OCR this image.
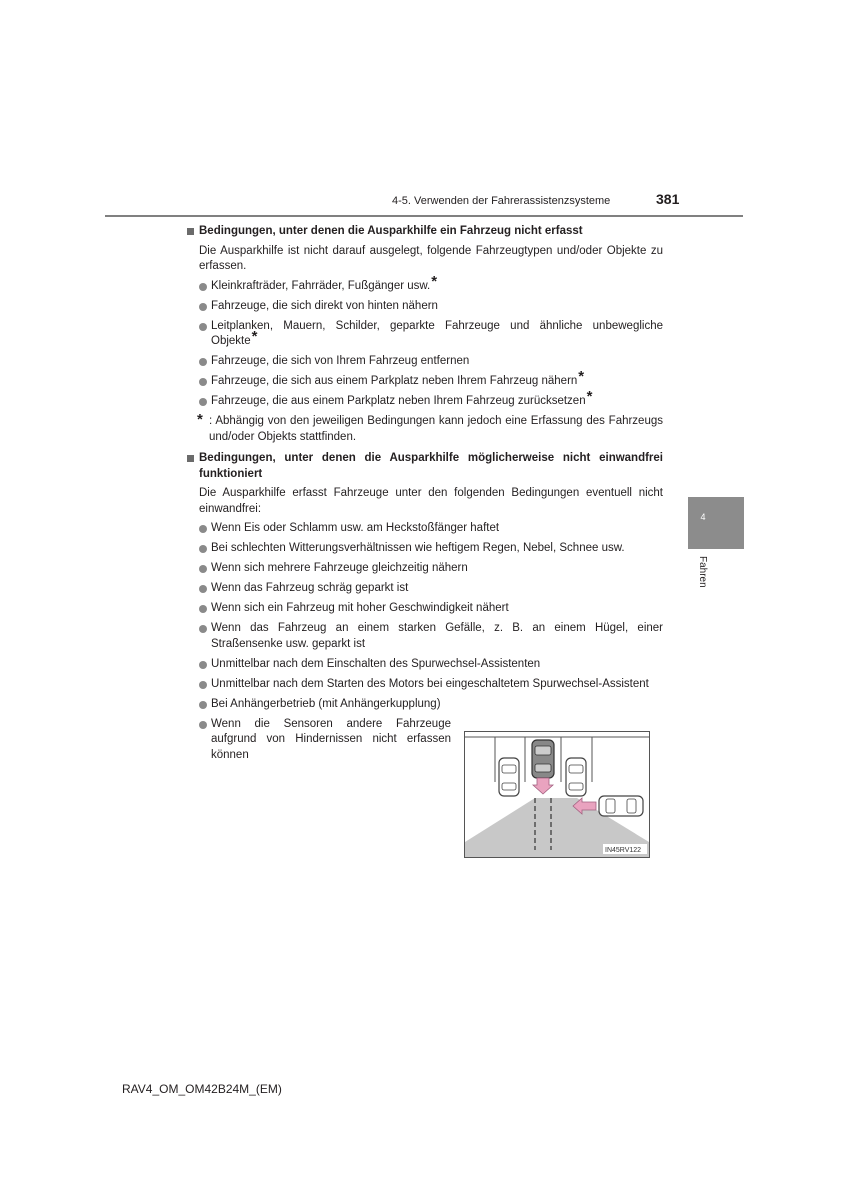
4-5. Verwenden der Fahrerassistenzsysteme	381
4
Fahren
Bedingungen, unter denen die Ausparkhilfe ein Fahrzeug nicht erfasst
Die Ausparkhilfe ist nicht darauf ausgelegt, folgende Fahrzeugtypen und/oder Objekte zu erfassen.
Kleinkrafträder, Fahrräder, Fußgänger usw.*
Fahrzeuge, die sich direkt von hinten nähern
Leitplanken, Mauern, Schilder, geparkte Fahrzeuge und ähnliche unbewegliche Objekte*
Fahrzeuge, die sich von Ihrem Fahrzeug entfernen
Fahrzeuge, die sich aus einem Parkplatz neben Ihrem Fahrzeug nähern*
Fahrzeuge, die aus einem Parkplatz neben Ihrem Fahrzeug zurücksetzen*
* : Abhängig von den jeweiligen Bedingungen kann jedoch eine Erfassung des Fahrzeugs und/oder Objekts stattfinden.
Bedingungen, unter denen die Ausparkhilfe möglicherweise nicht einwandfrei funktioniert
Die Ausparkhilfe erfasst Fahrzeuge unter den folgenden Bedingungen eventuell nicht einwandfrei:
Wenn Eis oder Schlamm usw. am Heckstoßfänger haftet
Bei schlechten Witterungsverhältnissen wie heftigem Regen, Nebel, Schnee usw.
Wenn sich mehrere Fahrzeuge gleichzeitig nähern
Wenn das Fahrzeug schräg geparkt ist
Wenn sich ein Fahrzeug mit hoher Geschwindigkeit nähert
Wenn das Fahrzeug an einem starken Gefälle, z. B. an einem Hügel, einer Straßensenke usw. geparkt ist
Unmittelbar nach dem Einschalten des Spurwechsel-Assistenten
Unmittelbar nach dem Starten des Motors bei eingeschaltetem Spurwechsel-Assistent
Bei Anhängerbetrieb (mit Anhängerkupplung)
Wenn die Sensoren andere Fahrzeuge aufgrund von Hindernissen nicht erfassen können
IN45RV122
RAV4_OM_OM42B24M_(EM)
